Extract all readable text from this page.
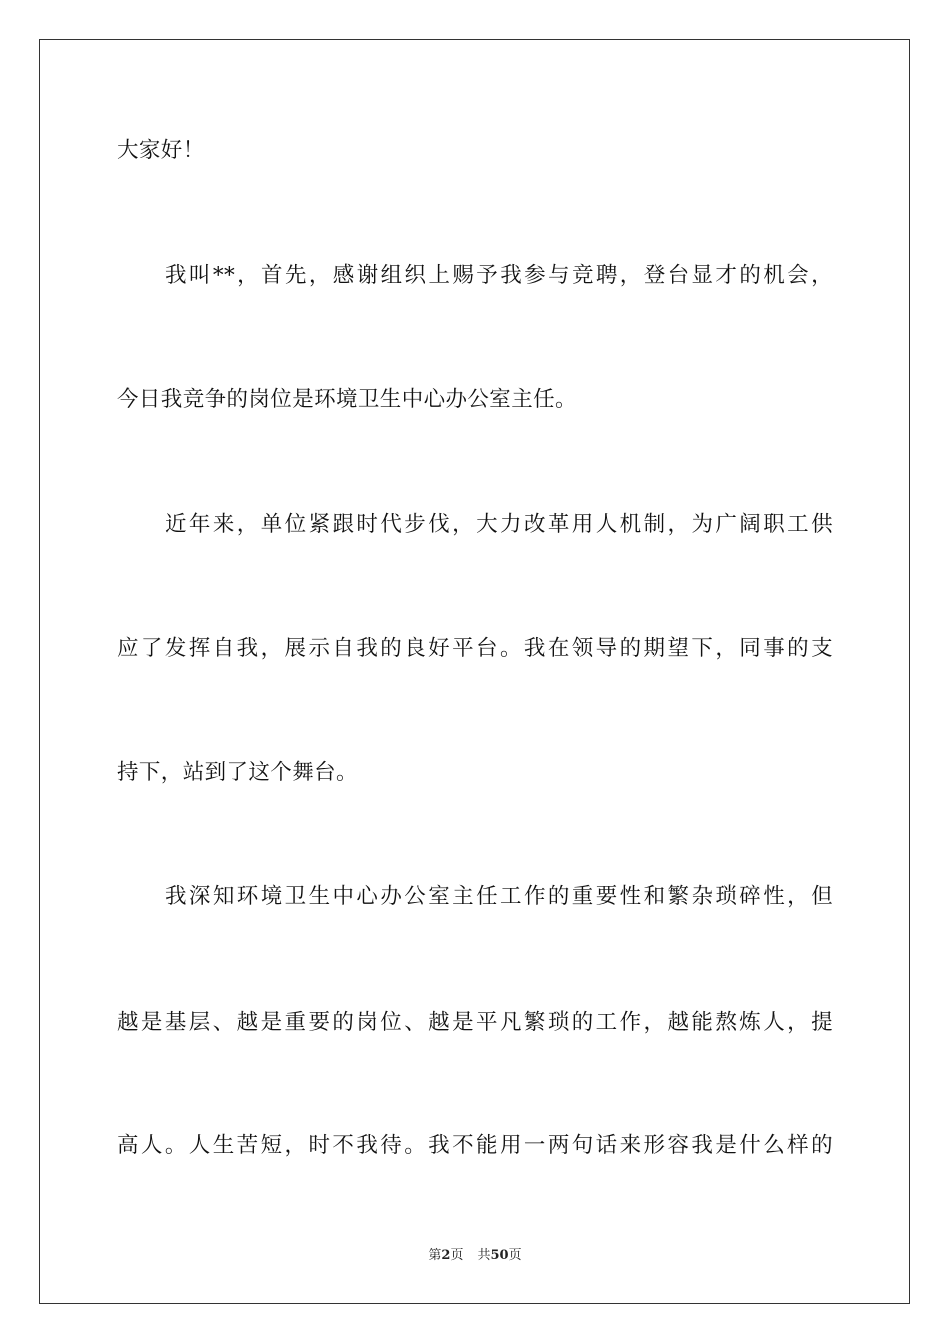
大家好！
我叫**，首先，感谢组织上赐予我参与竞聘，登台显才的机会，
今日我竞争的岗位是环境卫生中心办公室主任。
近年来，单位紧跟时代步伐，大力改革用人机制，为广阔职工供
应了发挥自我，展示自我的良好平台。我在领导的期望下，同事的支
持下，站到了这个舞台。
我深知环境卫生中心办公室主任工作的重要性和繁杂琐碎性，但
越是基层、越是重要的岗位、越是平凡繁琐的工作，越能熬炼人，提
高人。人生苦短，时不我待。我不能用一两句话来形容我是什么样的
第2页 共50页
